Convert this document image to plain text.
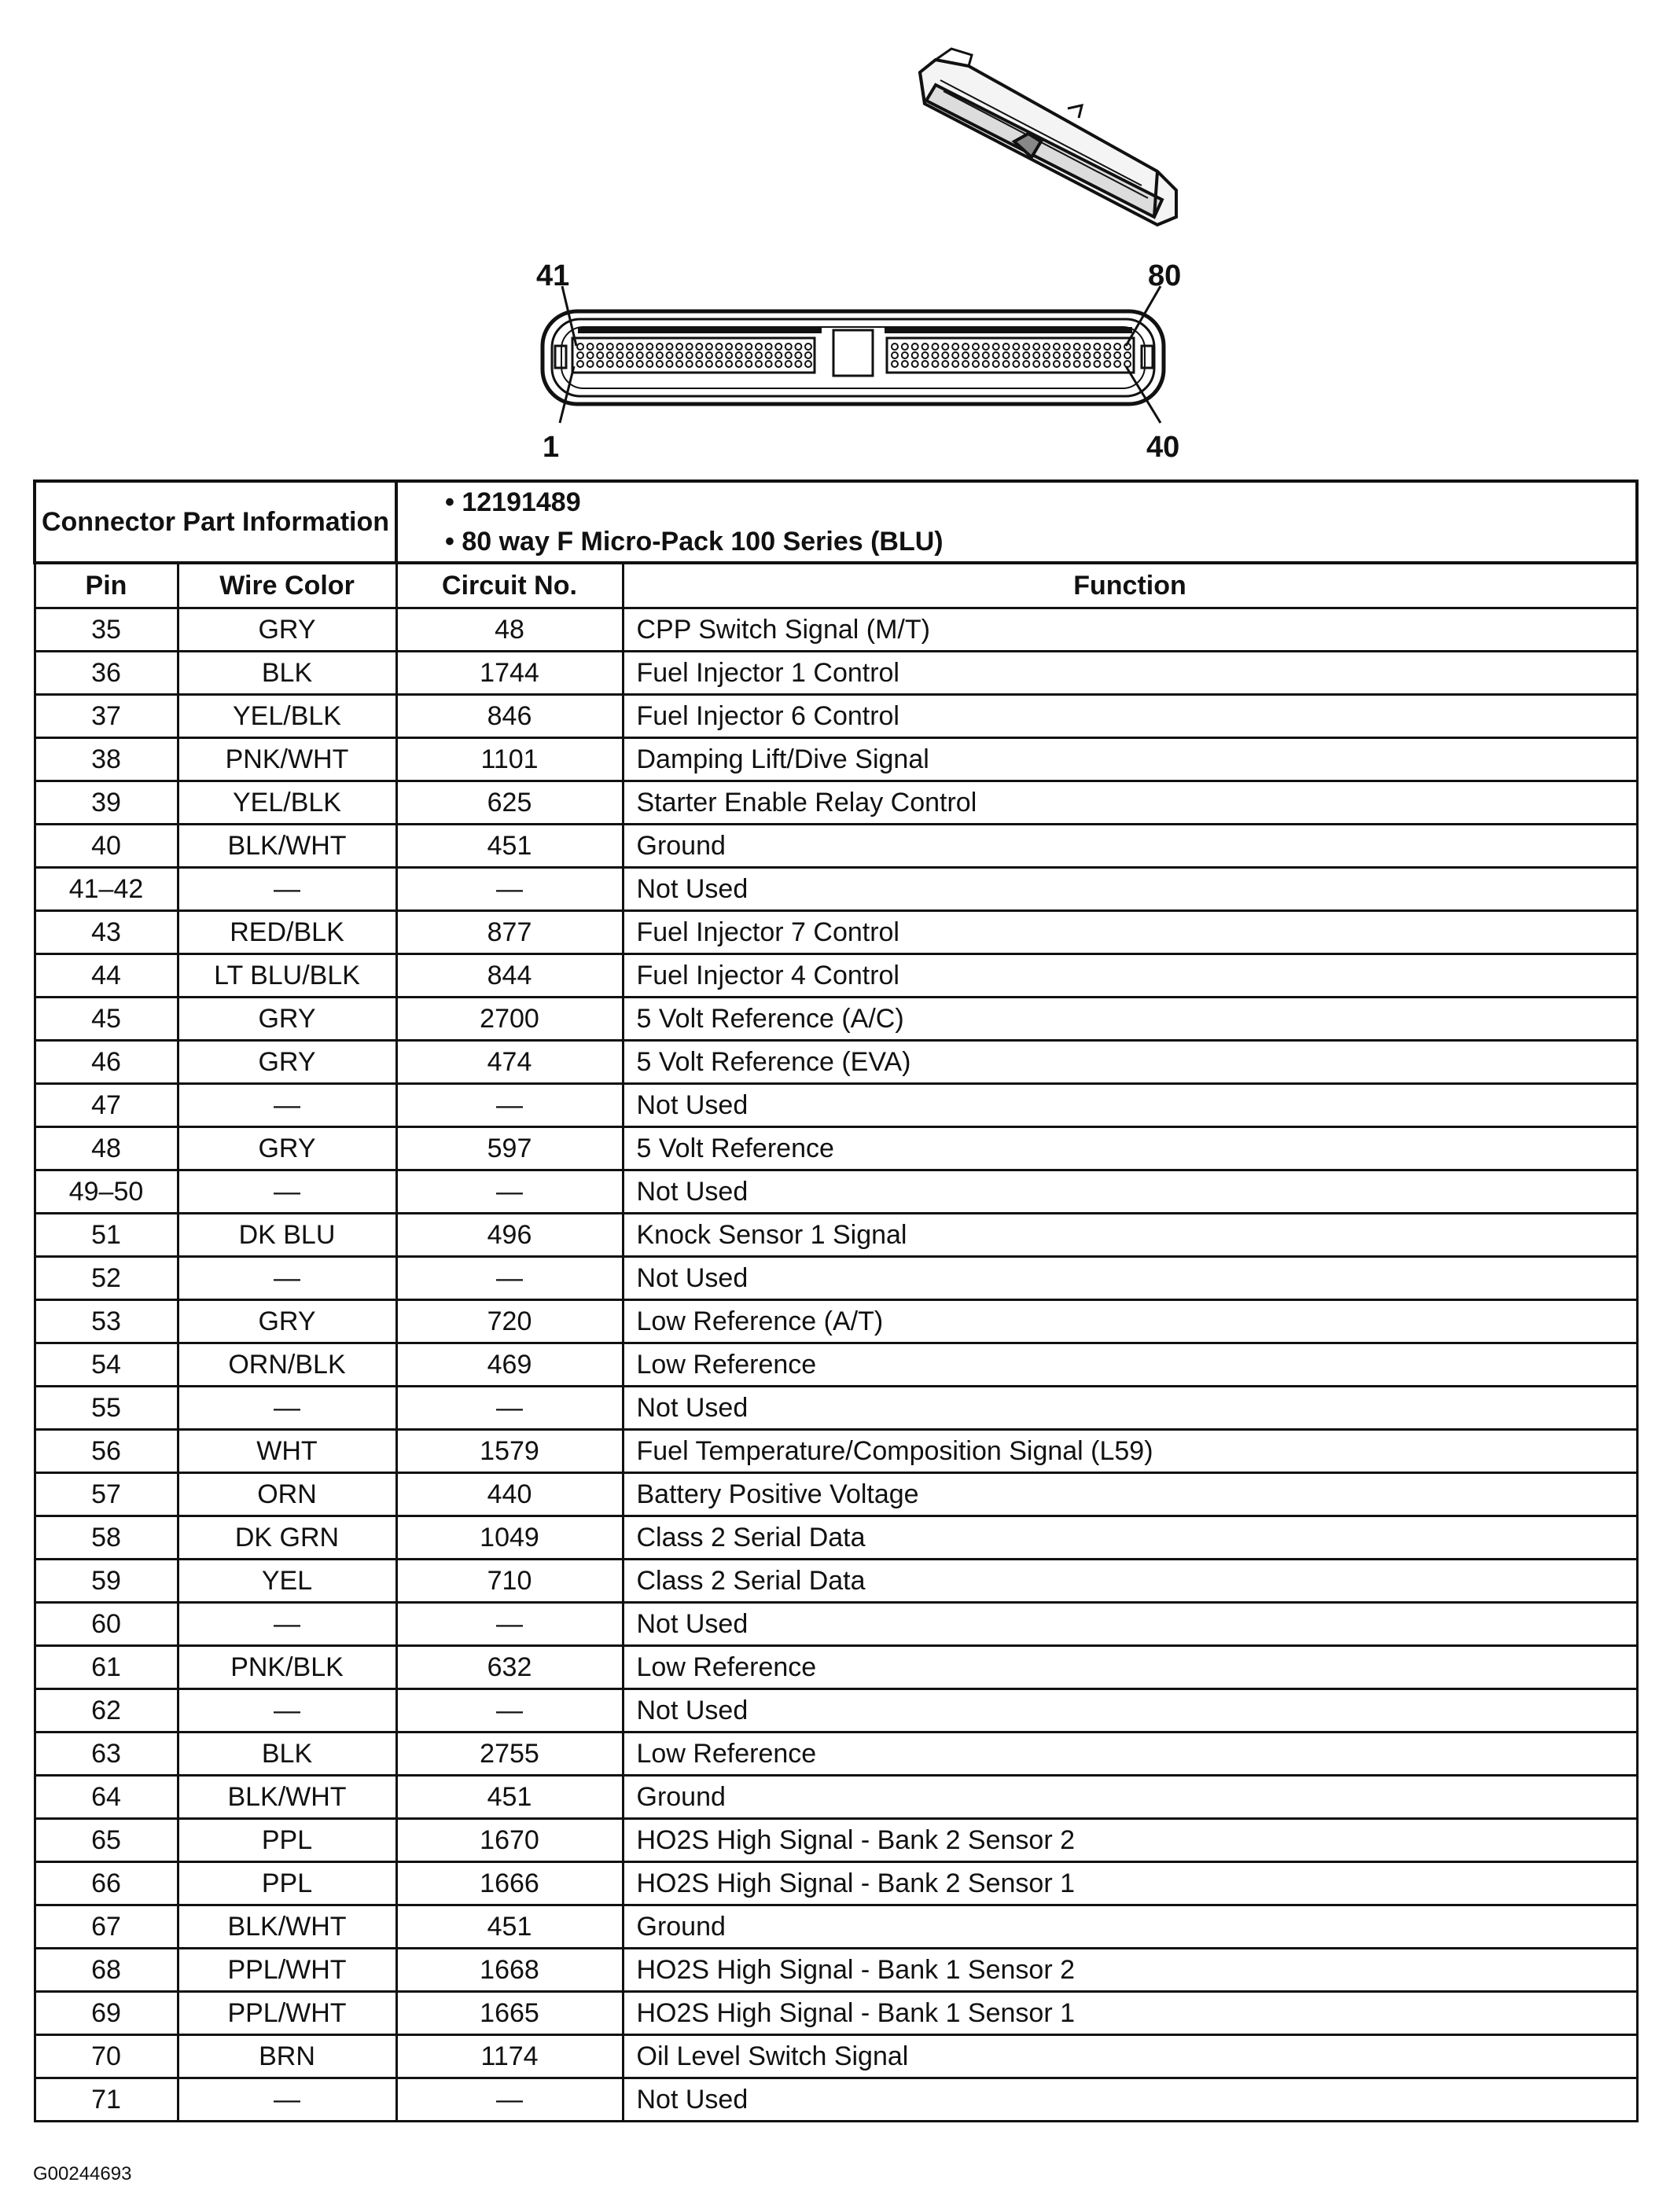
41	80
1	40
Connector Part Information		• 12191489
• 80 way F Micro-Pack 100 Series (BLU)	

Pin	Wire Color	Circuit No.	Function
35	GRY	48	CPP Switch Signal (M/T)
36	BLK	1744	Fuel Injector 1 Control
37	YEL/BLK	846	Fuel Injector 6 Control
38	PNK/WHT	1101	Damping Lift/Dive Signal
39	YEL/BLK	625	Starter Enable Relay Control
40	BLK/WHT	451	Ground
41–42	—	—	Not Used
43	RED/BLK	877	Fuel Injector 7 Control
44	LT BLU/BLK	844	Fuel Injector 4 Control
45	GRY	2700	5 Volt Reference (A/C)
46	GRY	474	5 Volt Reference (EVA)
47	—	—	Not Used
48	GRY	597	5 Volt Reference
49–50	—	—	Not Used
51	DK BLU	496	Knock Sensor 1 Signal
52	—	—	Not Used
53	GRY	720	Low Reference (A/T)
54	ORN/BLK	469	Low Reference
55	—	—	Not Used
56	WHT	1579	Fuel Temperature/Composition Signal (L59)
57	ORN	440	Battery Positive Voltage
58	DK GRN	1049	Class 2 Serial Data
59	YEL	710	Class 2 Serial Data
60	—	—	Not Used
61	PNK/BLK	632	Low Reference
62	—	—	Not Used
63	BLK	2755	Low Reference
64	BLK/WHT	451	Ground
65	PPL	1670	HO2S High Signal - Bank 2 Sensor 2
66	PPL	1666	HO2S High Signal - Bank 2 Sensor 1
67	BLK/WHT	451	Ground
68	PPL/WHT	1668	HO2S High Signal - Bank 1 Sensor 2
69	PPL/WHT	1665	HO2S High Signal - Bank 1 Sensor 1
70	BRN	1174	Oil Level Switch Signal
71	—	—	Not Used
G00244693
